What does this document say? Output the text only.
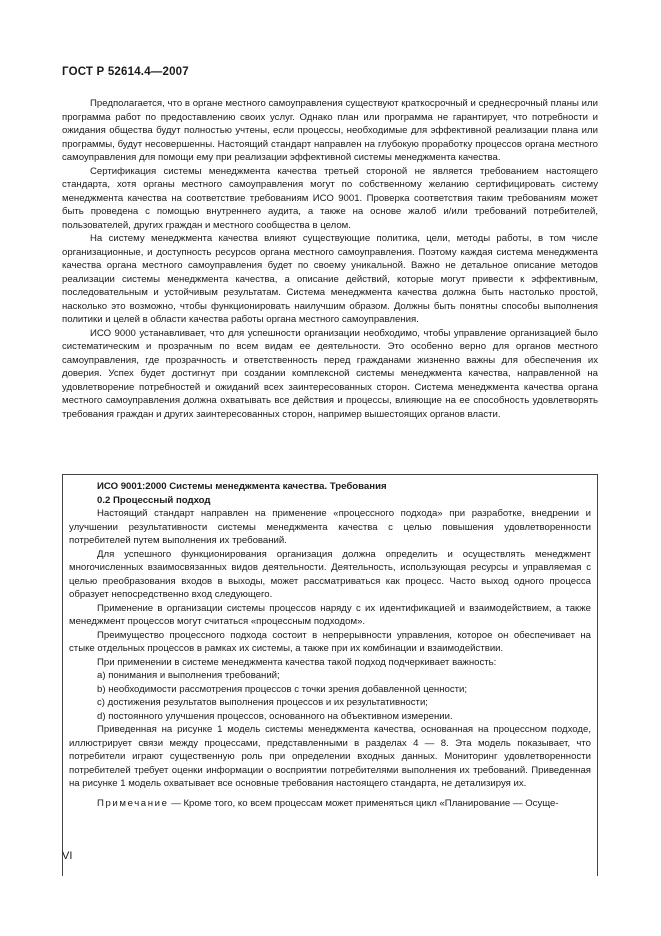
ГОСТ Р 52614.4—2007

Предполагается, что в органе местного самоуправления существуют краткосрочный и среднесрочный планы или программа работ по предоставлению своих услуг. Однако план или программа не гарантирует, что потребности и ожидания общества будут полностью учтены, если процессы, необходимые для эффективной реализации плана или программы, будут несовершенны. Настоящий стандарт направлен на глубокую проработку процессов органа местного самоуправления для помощи ему при реализации эффективной системы менеджмента качества.

Сертификация системы менеджмента качества третьей стороной не является требованием настоящего стандарта, хотя органы местного самоуправления могут по собственному желанию сертифицировать систему менеджмента качества на соответствие требованиям ИСО 9001. Проверка соответствия таким требованиям может быть проведена с помощью внутреннего аудита, а также на основе жалоб и/или требований потребителей, пользователей, других граждан и местного сообщества в целом.

На систему менеджмента качества влияют существующие политика, цели, методы работы, в том числе организационные, и доступность ресурсов органа местного самоуправления. Поэтому каждая система менеджмента качества органа местного самоуправления будет по своему уникальной. Важно не детальное описание методов реализации системы менеджмента качества, а описание действий, которые могут привести к эффективным, последовательным и устойчивым результатам. Система менеджмента качества должна быть настолько простой, насколько это возможно, чтобы функционировать наилучшим образом. Должны быть понятны способы выполнения политики и целей в области качества работы органа местного самоуправления.

ИСО 9000 устанавливает, что для успешности организации необходимо, чтобы управление организацией было систематическим и прозрачным по всем видам ее деятельности. Это особенно верно для органов местного самоуправления, где прозрачность и ответственность перед гражданами жизненно важны для обеспечения их доверия. Успех будет достигнут при создании комплексной системы менеджмента качества, направленной на удовлетворение потребностей и ожиданий всех заинтересованных сторон. Система менеджмента качества органа местного самоуправления должна охватывать все действия и процессы, влияющие на ее способность удовлетворять требования граждан и других заинтересованных сторон, например вышестоящих органов власти.

ИСО 9001:2000 Системы менеджмента качества. Требования

0.2 Процессный подход

Настоящий стандарт направлен на применение «процессного подхода» при разработке, внедрении и улучшении результативности системы менеджмента качества с целью повышения удовлетворенности потребителей путем выполнения их требований.

Для успешного функционирования организация должна определить и осуществлять менеджмент многочисленных взаимосвязанных видов деятельности. Деятельность, использующая ресурсы и управляемая с целью преобразования входов в выходы, может рассматриваться как процесс. Часто выход одного процесса образует непосредственно вход следующего.

Применение в организации системы процессов наряду с их идентификацией и взаимодействием, а также менеджмент процессов могут считаться «процессным подходом».

Преимущество процессного подхода состоит в непрерывности управления, которое он обеспечивает на стыке отдельных процессов в рамках их системы, а также при их комбинации и взаимодействии.

При применении в системе менеджмента качества такой подход подчеркивает важность:

a) понимания и выполнения требований;

b) необходимости рассмотрения процессов с точки зрения добавленной ценности;

c) достижения результатов выполнения процессов и их результативности;

d) постоянного улучшения процессов, основанного на объективном измерении.

Приведенная на рисунке 1 модель системы менеджмента качества, основанная на процессном подходе, иллюстрирует связи между процессами, представленными в разделах 4 — 8. Эта модель показывает, что потребители играют существенную роль при определении входных данных. Мониторинг удовлетворенности потребителей требует оценки информации о восприятии потребителями выполнения их требований. Приведенная на рисунке 1 модель охватывает все основные требования настоящего стандарта, не детализируя их.

Примечание — Кроме того, ко всем процессам может применяться цикл «Планирование — Осуще-

VI
